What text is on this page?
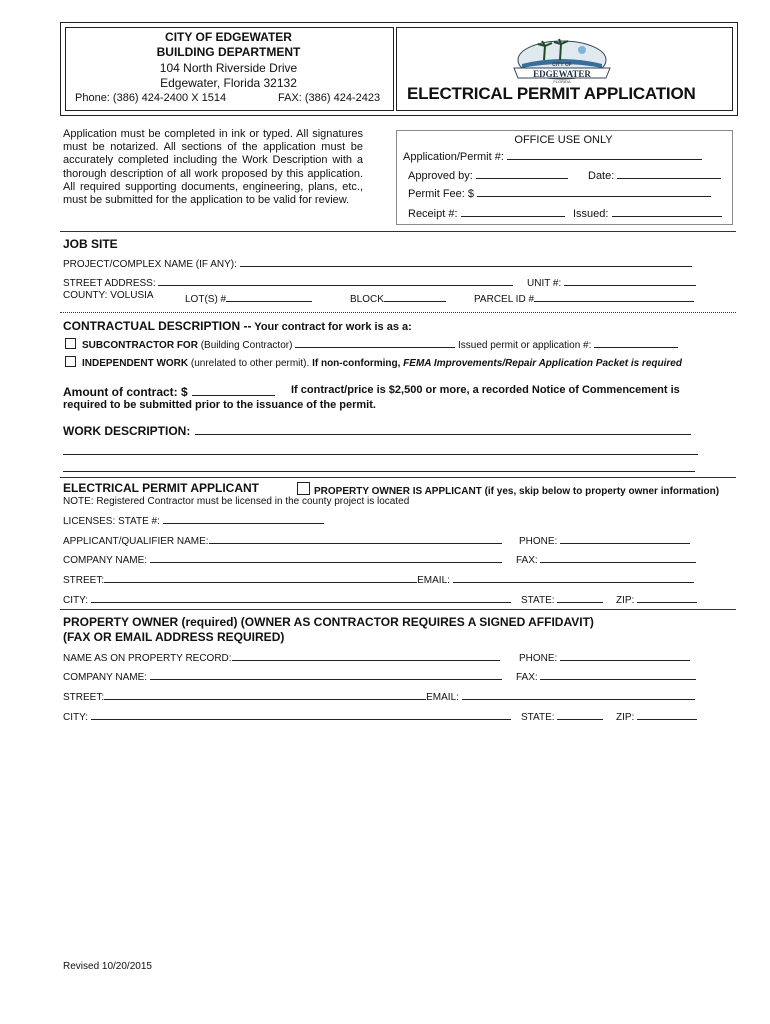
CITY OF EDGEWATER
BUILDING DEPARTMENT
104 North Riverside Drive
Edgewater, Florida 32132
Phone: (386) 424-2400 X 1514	FAX: (386) 424-2423
CITY OF
EDGEWATER
FLORIDA
ELECTRICAL PERMIT APPLICATION
Application must be completed in ink or typed. All signatures must be notarized. All sections of the application must be accurately completed including the Work Description with a thorough description of all work proposed by this application. All required supporting documents, engineering, plans, etc., must be submitted for the application to be valid for review.
OFFICE USE ONLY
Application/Permit #:
Approved by:	Date:
Permit Fee: $
Receipt #:	Issued:
JOB SITE
PROJECT/COMPLEX NAME (IF ANY):
STREET ADDRESS:	UNIT #:
COUNTY: VOLUSIA	LOT(S) #	BLOCK	PARCEL ID #
CONTRACTUAL DESCRIPTION -- Your contract for work is as a:
SUBCONTRACTOR FOR (Building Contractor)	Issued permit or application #:
INDEPENDENT WORK (unrelated to other permit). If non-conforming, FEMA Improvements/Repair Application Packet is required
Amount of contract: $	If contract/price is $2,500 or more, a recorded Notice of Commencement is
required to be submitted prior to the issuance of the permit.
WORK DESCRIPTION:
ELECTRICAL PERMIT APPLICANT	PROPERTY OWNER IS APPLICANT (if yes, skip below to property owner information)
NOTE: Registered Contractor must be licensed in the county project is located
LICENSES: STATE #:
APPLICANT/QUALIFIER NAME:	PHONE:
COMPANY NAME:	FAX:
STREET:	EMAIL:
CITY:	STATE:	ZIP:
PROPERTY OWNER (required) (OWNER AS CONTRACTOR REQUIRES A SIGNED AFFIDAVIT)
(FAX OR EMAIL ADDRESS REQUIRED)
NAME AS ON PROPERTY RECORD:	PHONE:
COMPANY NAME:	FAX:
STREET:	EMAIL:
CITY:	STATE:	ZIP:
Revised 10/20/2015
